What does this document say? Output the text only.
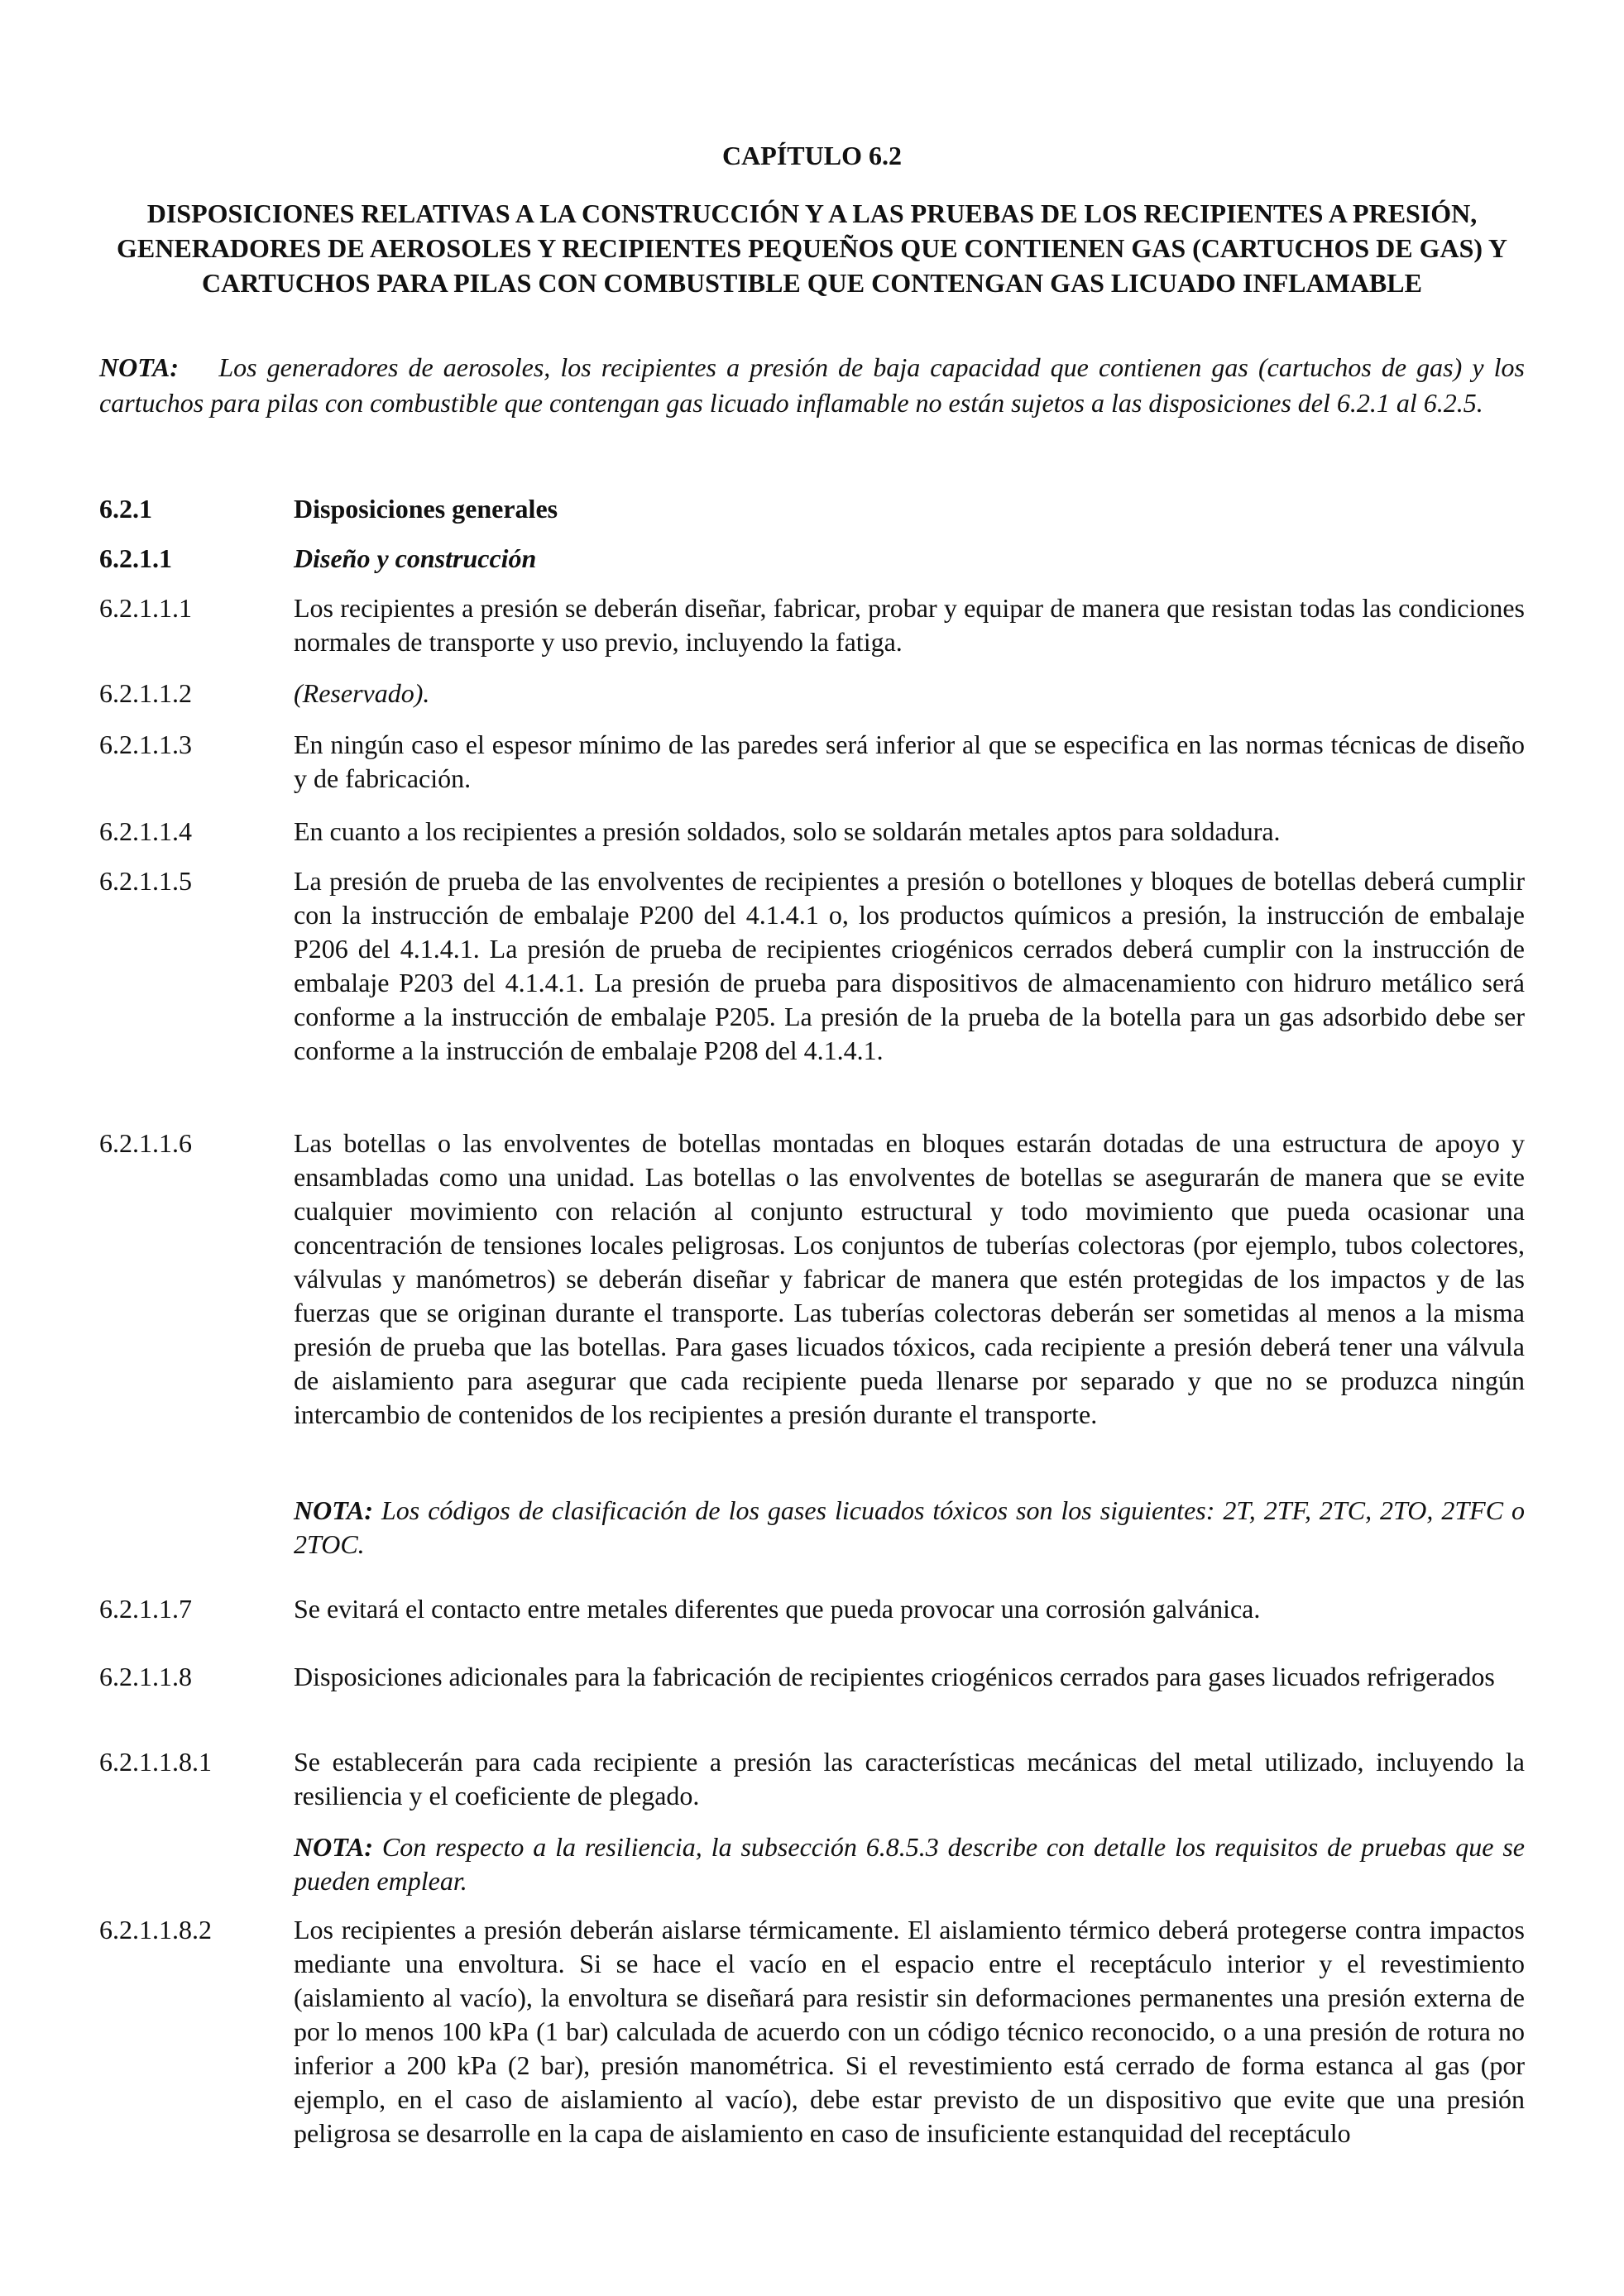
CAPÍTULO 6.2
DISPOSICIONES RELATIVAS A LA CONSTRUCCIÓN Y A LAS PRUEBAS DE LOS RECIPIENTES A PRESIÓN, GENERADORES DE AEROSOLES Y RECIPIENTES PEQUEÑOS QUE CONTIENEN GAS (CARTUCHOS DE GAS) Y CARTUCHOS PARA PILAS CON COMBUSTIBLE QUE CONTENGAN GAS LICUADO INFLAMABLE
NOTA: Los generadores de aerosoles, los recipientes a presión de baja capacidad que contienen gas (cartuchos de gas) y los cartuchos para pilas con combustible que contengan gas licuado inflamable no están sujetos a las disposiciones del 6.2.1 al 6.2.5.
6.2.1	Disposiciones generales
6.2.1.1	Diseño y construcción
6.2.1.1.1	Los recipientes a presión se deberán diseñar, fabricar, probar y equipar de manera que resistan todas las condiciones normales de transporte y uso previo, incluyendo la fatiga.
6.2.1.1.2	(Reservado).
6.2.1.1.3	En ningún caso el espesor mínimo de las paredes será inferior al que se especifica en las normas técnicas de diseño y de fabricación.
6.2.1.1.4	En cuanto a los recipientes a presión soldados, solo se soldarán metales aptos para soldadura.
6.2.1.1.5	La presión de prueba de las envolventes de recipientes a presión o botellones y bloques de botellas deberá cumplir con la instrucción de embalaje P200 del 4.1.4.1 o, los productos químicos a presión, la instrucción de embalaje P206 del 4.1.4.1. La presión de prueba de recipientes criogénicos cerrados deberá cumplir con la instrucción de embalaje P203 del 4.1.4.1. La presión de prueba para dispositivos de almacenamiento con hidruro metálico será conforme a la instrucción de embalaje P205. La presión de la prueba de la botella para un gas adsorbido debe ser conforme a la instrucción de embalaje P208 del 4.1.4.1.
6.2.1.1.6	Las botellas o las envolventes de botellas montadas en bloques estarán dotadas de una estructura de apoyo y ensambladas como una unidad. Las botellas o las envolventes de botellas se asegurarán de manera que se evite cualquier movimiento con relación al conjunto estructural y todo movimiento que pueda ocasionar una concentración de tensiones locales peligrosas. Los conjuntos de tuberías colectoras (por ejemplo, tubos colectores, válvulas y manómetros) se deberán diseñar y fabricar de manera que estén protegidas de los impactos y de las fuerzas que se originan durante el transporte. Las tuberías colectoras deberán ser sometidas al menos a la misma presión de prueba que las botellas. Para gases licuados tóxicos, cada recipiente a presión deberá tener una válvula de aislamiento para asegurar que cada recipiente pueda llenarse por separado y que no se produzca ningún intercambio de contenidos de los recipientes a presión durante el transporte.
NOTA: Los códigos de clasificación de los gases licuados tóxicos son los siguientes: 2T, 2TF, 2TC, 2TO, 2TFC o 2TOC.
6.2.1.1.7	Se evitará el contacto entre metales diferentes que pueda provocar una corrosión galvánica.
6.2.1.1.8	Disposiciones adicionales para la fabricación de recipientes criogénicos cerrados para gases licuados refrigerados
6.2.1.1.8.1	Se establecerán para cada recipiente a presión las características mecánicas del metal utilizado, incluyendo la resiliencia y el coeficiente de plegado.
NOTA: Con respecto a la resiliencia, la subsección 6.8.5.3 describe con detalle los requisitos de pruebas que se pueden emplear.
6.2.1.1.8.2	Los recipientes a presión deberán aislarse térmicamente. El aislamiento térmico deberá protegerse contra impactos mediante una envoltura. Si se hace el vacío en el espacio entre el receptáculo interior y el revestimiento (aislamiento al vacío), la envoltura se diseñará para resistir sin deformaciones permanentes una presión externa de por lo menos 100 kPa (1 bar) calculada de acuerdo con un código técnico reconocido, o a una presión de rotura no inferior a 200 kPa (2 bar), presión manométrica. Si el revestimiento está cerrado de forma estanca al gas (por ejemplo, en el caso de aislamiento al vacío), debe estar previsto de un dispositivo que evite que una presión peligrosa se desarrolle en la capa de aislamiento en caso de insuficiente estanquidad del receptáculo
